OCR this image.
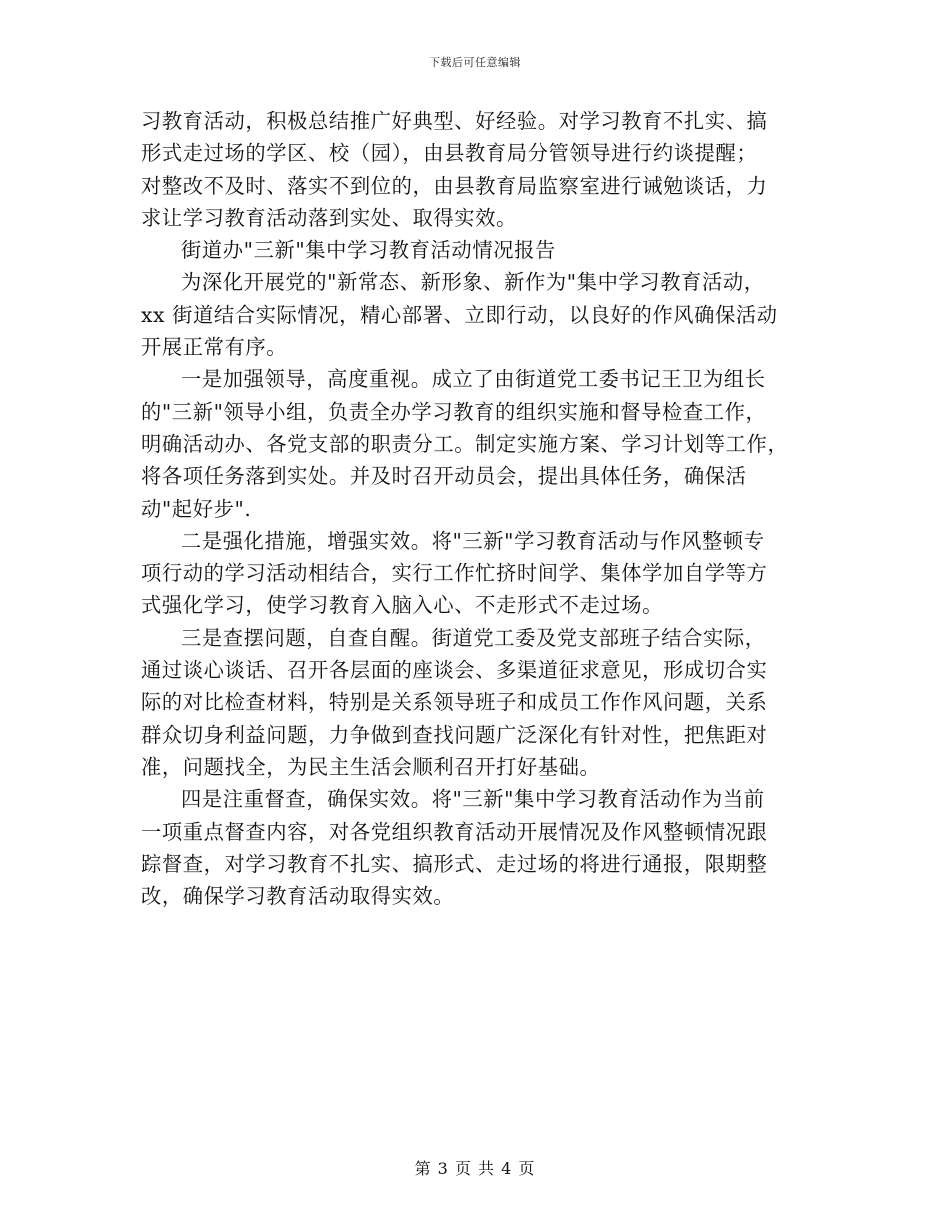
下载后可任意编辑
习教育活动，积极总结推广好典型、好经验。对学习教育不扎实、搞
形式走过场的学区、校（园），由县教育局分管领导进行约谈提醒；
对整改不及时、落实不到位的，由县教育局监察室进行诫勉谈话，力
求让学习教育活动落到实处、取得实效。
街道办"三新"集中学习教育活动情况报告
为深化开展党的"新常态、新形象、新作为"集中学习教育活动，
xx 街道结合实际情况，精心部署、立即行动，以良好的作风确保活动
开展正常有序。
一是加强领导，高度重视。成立了由街道党工委书记王卫为组长
的"三新"领导小组，负责全办学习教育的组织实施和督导检查工作，
明确活动办、各党支部的职责分工。制定实施方案、学习计划等工作，
将各项任务落到实处。并及时召开动员会，提出具体任务，确保活
动"起好步".
二是强化措施，增强实效。将"三新"学习教育活动与作风整顿专
项行动的学习活动相结合，实行工作忙挤时间学、集体学加自学等方
式强化学习，使学习教育入脑入心、不走形式不走过场。
三是查摆问题，自查自醒。街道党工委及党支部班子结合实际，
通过谈心谈话、召开各层面的座谈会、多渠道征求意见，形成切合实
际的对比检查材料，特别是关系领导班子和成员工作作风问题，关系
群众切身利益问题，力争做到查找问题广泛深化有针对性，把焦距对
准，问题找全，为民主生活会顺利召开打好基础。
四是注重督查，确保实效。将"三新"集中学习教育活动作为当前
一项重点督查内容，对各党组织教育活动开展情况及作风整顿情况跟
踪督查，对学习教育不扎实、搞形式、走过场的将进行通报，限期整
改，确保学习教育活动取得实效。
第 3 页 共 4 页
